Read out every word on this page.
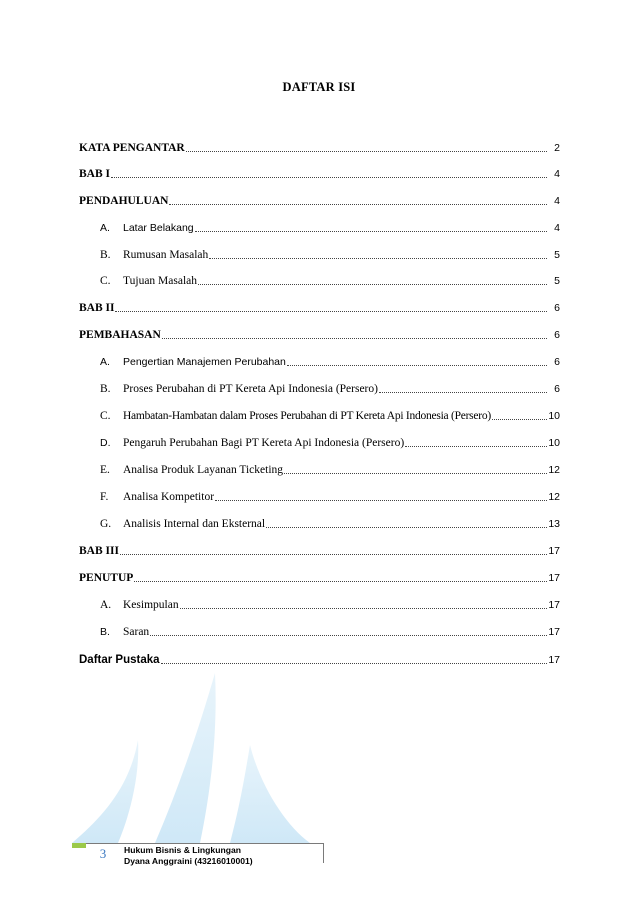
DAFTAR ISI
KATA PENGANTAR	2
BAB I	4
PENDAHULUAN	4
A.	Latar Belakang	4
B.	Rumusan Masalah	5
C.	Tujuan Masalah	5
BAB II	6
PEMBAHASAN	6
A.	Pengertian Manajemen Perubahan	6
B.	Proses Perubahan di PT Kereta Api Indonesia (Persero)	6
C.	Hambatan-Hambatan dalam Proses Perubahan di PT Kereta Api Indonesia (Persero)	10
D.	Pengaruh Perubahan Bagi PT Kereta Api Indonesia (Persero)	10
E.	Analisa Produk Layanan Ticketing	12
F.	Analisa Kompetitor	12
G.	Analisis Internal dan Eksternal	13
BAB III	17
PENUTUP	17
A.	Kesimpulan	17
B.	Saran	17
Daftar Pustaka	17
3	Hukum Bisnis & Lingkungan
Dyana Anggraini (43216010001)
